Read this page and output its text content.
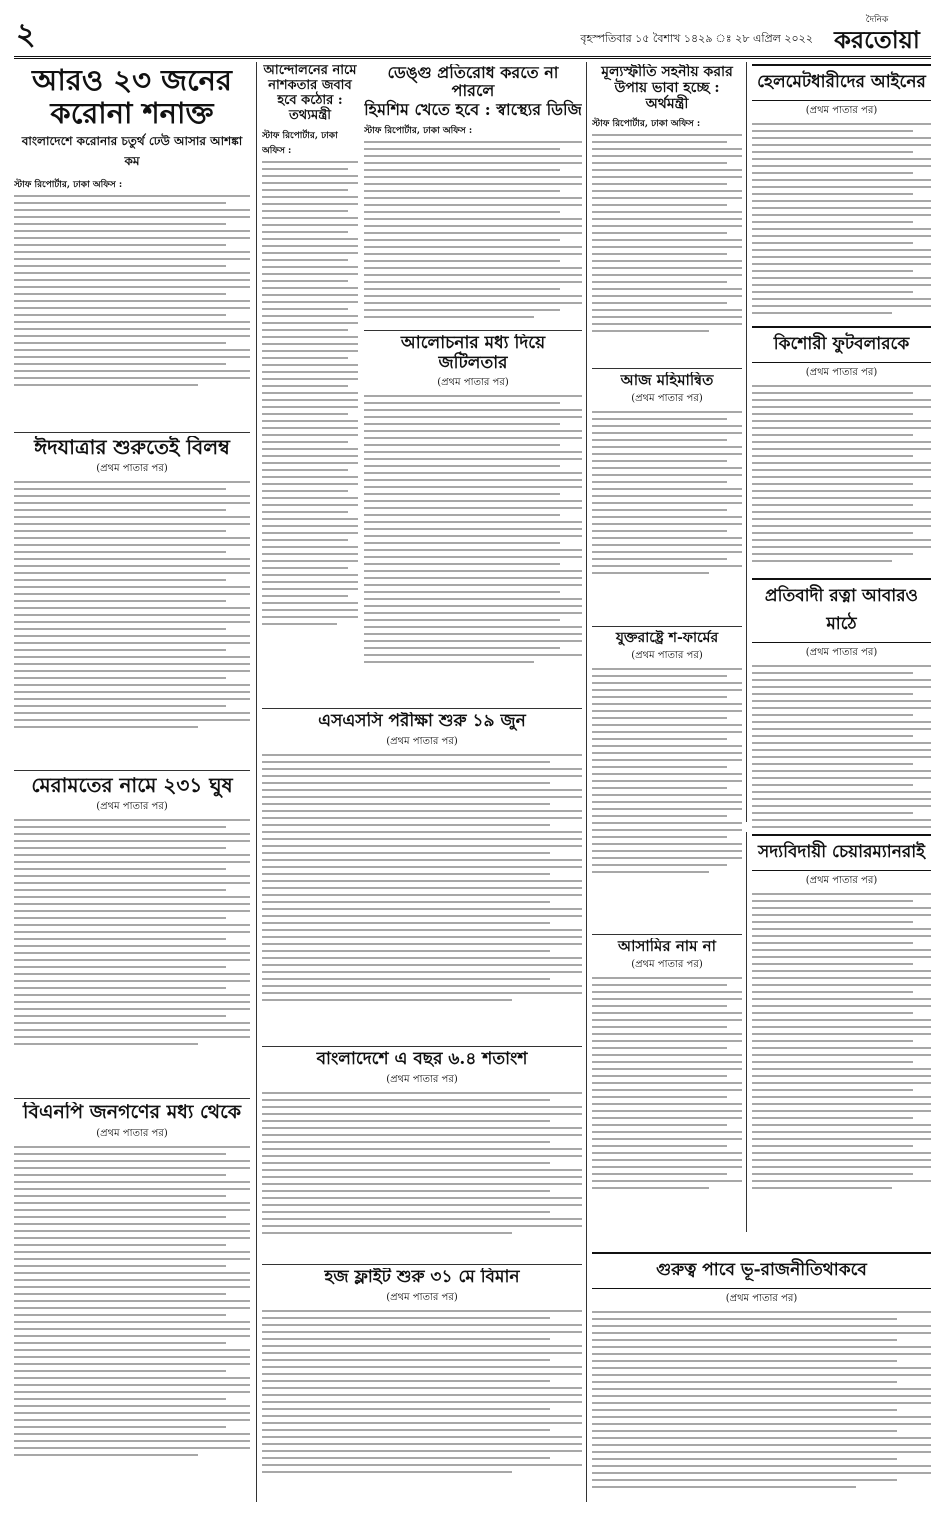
২	বৃহস্পতিবার ১৫ বৈশাখ ১৪২৯ ঃ ২৮ এপ্রিল ২০২২
দৈনিক
করতোয়া
আরও ২৩ জনের
করোনা শনাক্ত
বাংলাদেশে করোনার চতুর্থ ঢেউ আসার আশঙ্কা কম
স্টাফ রিপোর্টার, ঢাকা অফিস :
ঈদযাত্রার শুরুতেই বিলম্ব
(প্রথম পাতার পর)
মেরামতের নামে ২৩১ ঘুষ
(প্রথম পাতার পর)
বিএনপি জনগণের মধ্য থেকে
(প্রথম পাতার পর)
আন্দোলনের নামে নাশকতার জবাব হবে কঠোর : তথ্যমন্ত্রী
স্টাফ রিপোর্টার, ঢাকা অফিস :
ডেঙ্গু প্রতিরোধ করতে না পারলে
হিমশিম খেতে হবে : স্বাস্থ্যের ডিজি
স্টাফ রিপোর্টার, ঢাকা অফিস :
আলোচনার মধ্য দিয়ে জটিলতার
(প্রথম পাতার পর)
এসএসসি পরীক্ষা শুরু ১৯ জুন
(প্রথম পাতার পর)
বাংলাদেশে এ বছর ৬.৪ শতাংশ
(প্রথম পাতার পর)
হজ ফ্লাইট শুরু ৩১ মে বিমান
(প্রথম পাতার পর)
মূল্যস্ফীতি সহনীয় করার উপায় ভাবা হচ্ছে : অর্থমন্ত্রী
স্টাফ রিপোর্টার, ঢাকা অফিস :
আজ মহিমান্বিত
(প্রথম পাতার পর)
যুক্তরাষ্ট্রে শ-ফার্মের
(প্রথম পাতার পর)
আসামির নাম না
(প্রথম পাতার পর)
হেলমেটধারীদের আইনের
(প্রথম পাতার পর)
কিশোরী ফুটবলারকে
(প্রথম পাতার পর)
প্রতিবাদী রত্না আবারও মাঠে
(প্রথম পাতার পর)
সদ্যবিদায়ী চেয়ারম্যানরাই
(প্রথম পাতার পর)
গুরুত্ব পাবে ভূ-রাজনীতিথাকবে
(প্রথম পাতার পর)
